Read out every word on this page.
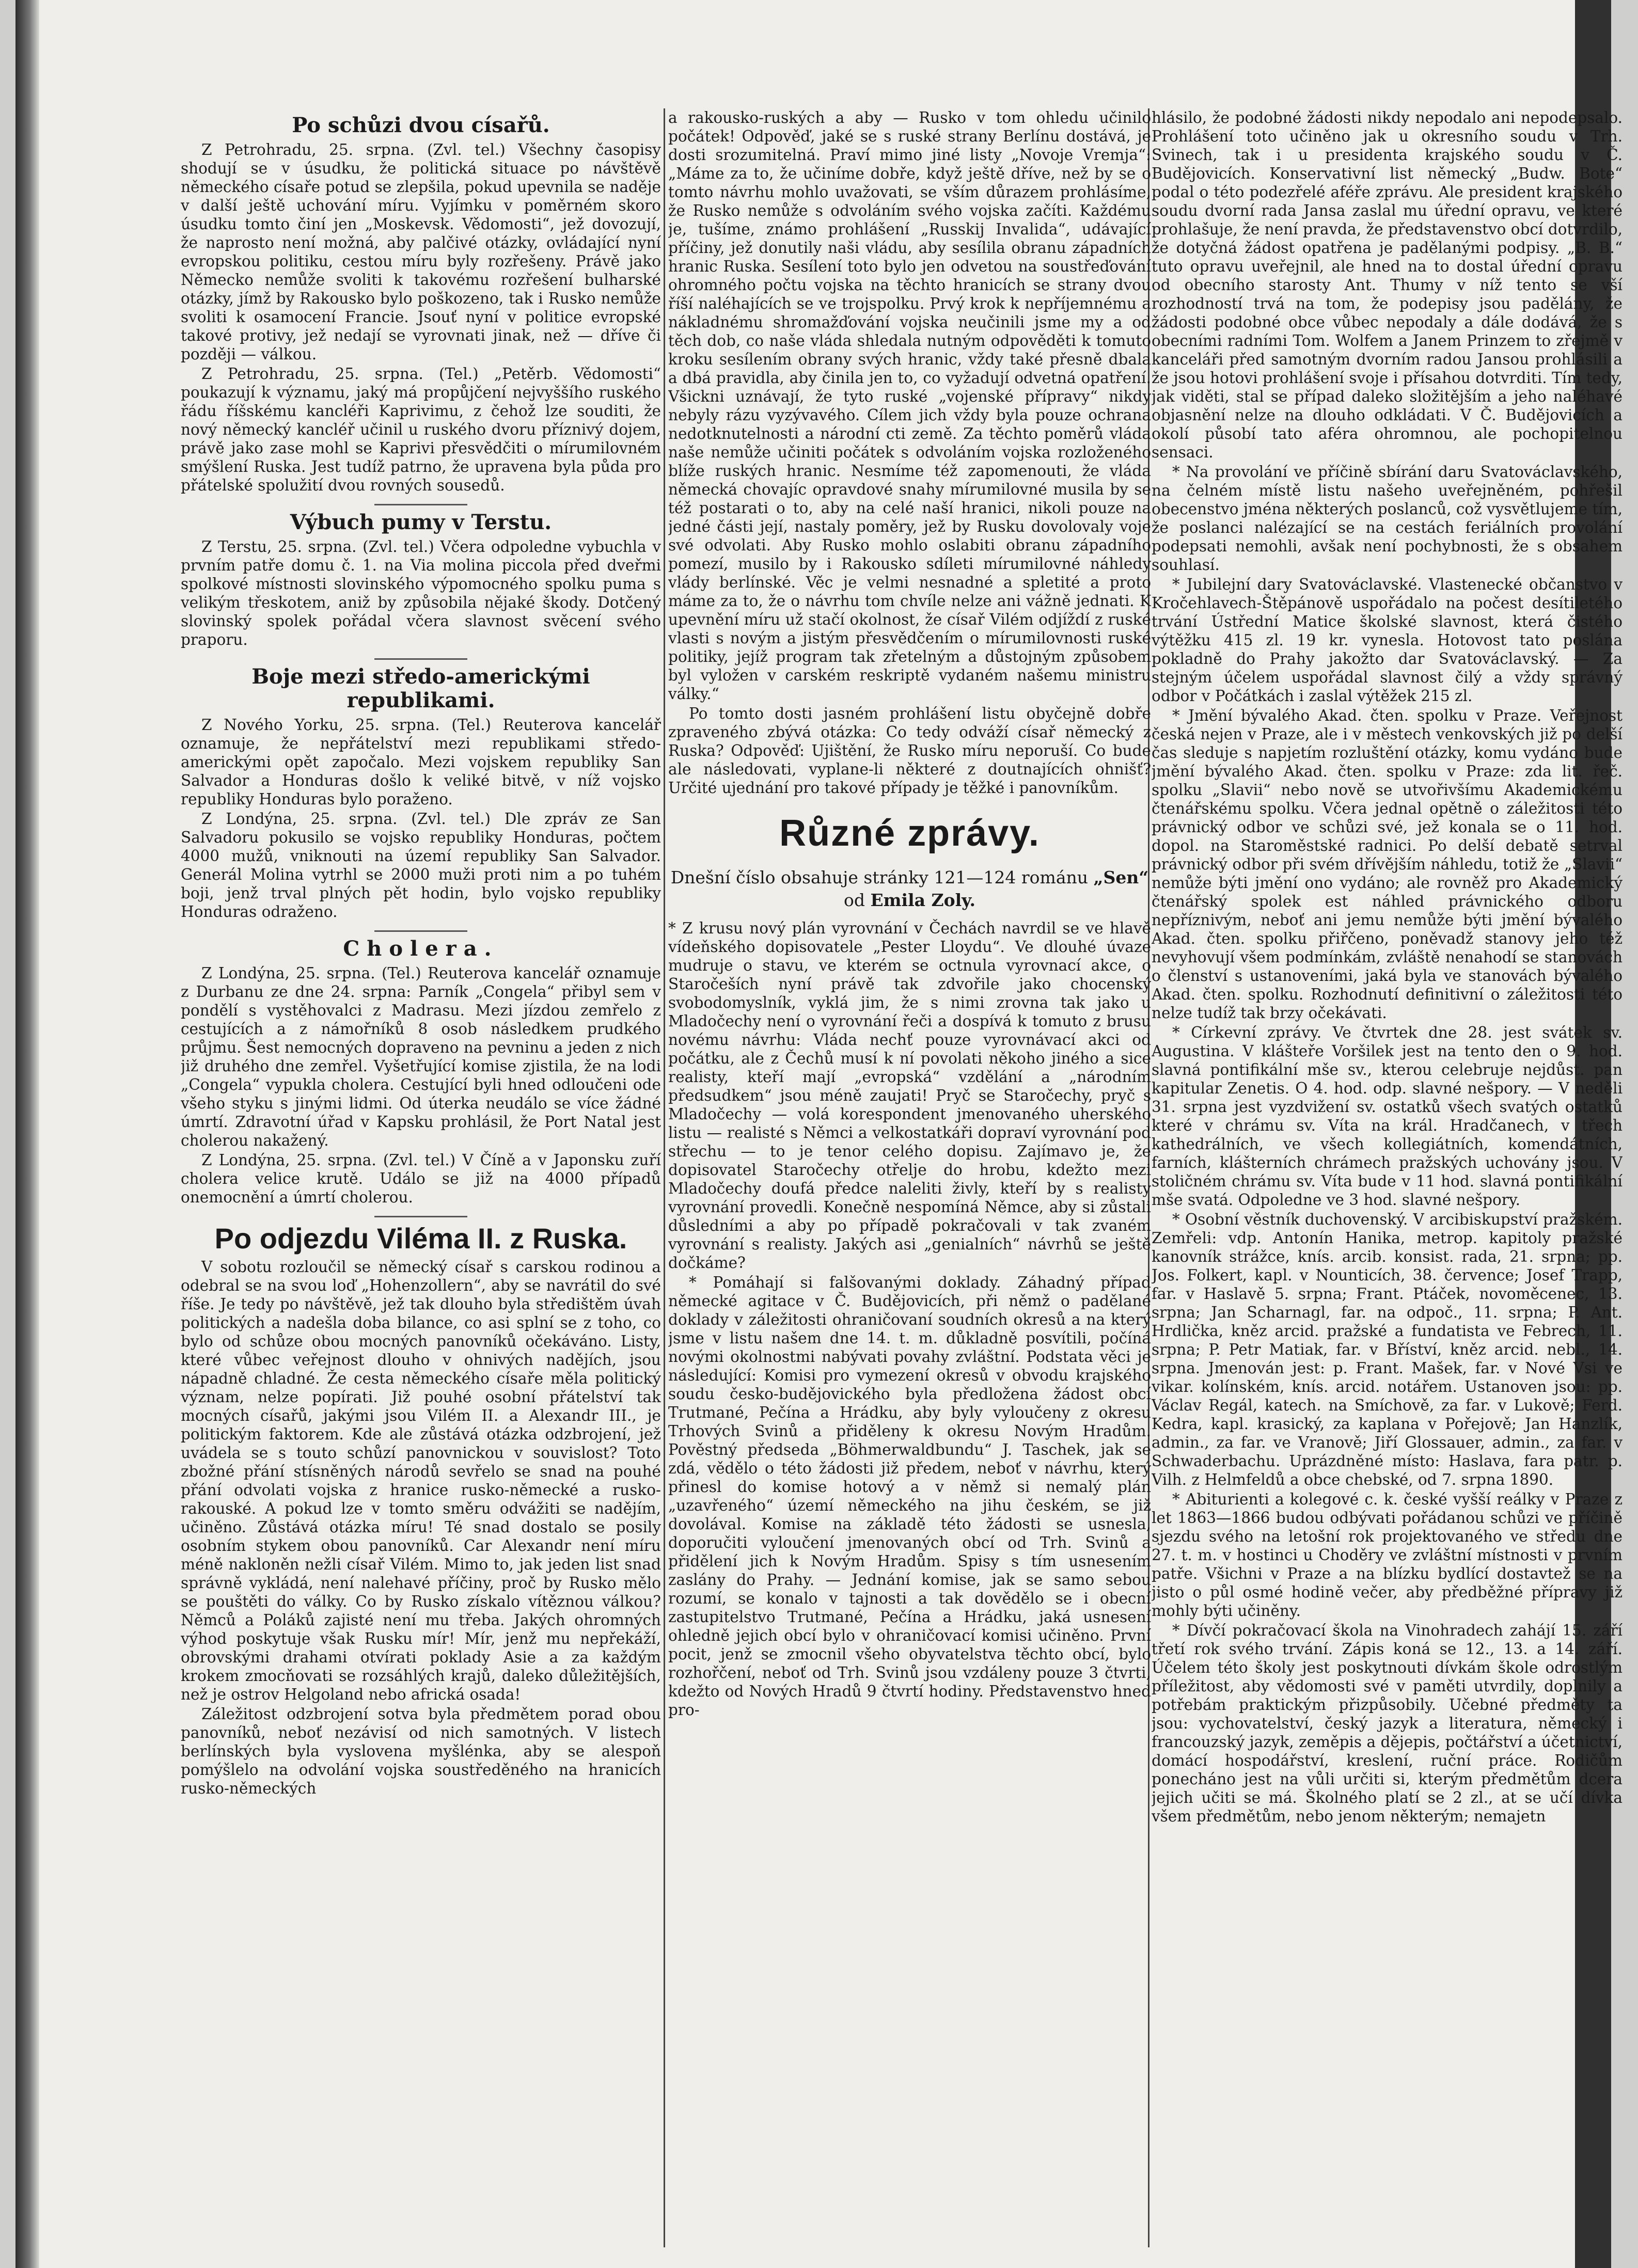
Po schůzi dvou císařů.

Z Petrohradu, 25. srpna. (Zvl. tel.) Všechny časopisy shodují se v úsudku, že politická situace po návštěvě německého císaře potud se zlepšila, pokud upevnila se naděje v další ještě uchování míru. Vyjímku v poměrném skoro úsudku tomto činí jen „Moskevsk. Vědomosti“, jež dovozují, že naprosto není možná, aby palčivé otázky, ovládající nyní evropskou politiku, cestou míru byly rozřešeny. Právě jako Německo nemůže svoliti k takovému rozřešení bulharské otázky, jímž by Rakousko bylo poškozeno, tak i Rusko nemůže svoliti k osamocení Francie. Jsouť nyní v politice evropské takové protivy, jež nedají se vyrovnati jinak, než — dříve či později — válkou.

Z Petrohradu, 25. srpna. (Tel.) „Petěrb. Vědomosti“ poukazují k významu, jaký má propůjčení nejvyššího ruského řádu říšskému kancléři Kaprivimu, z čehož lze souditi, že nový německý kancléř učinil u ruského dvoru příznivý dojem, právě jako zase mohl se Kaprivi přesvědčiti o mírumilovném smýšlení Ruska. Jest tudíž patrno, že upravena byla půda pro přátelské spolužití dvou rovných sousedů.

Výbuch pumy v Terstu.

Z Terstu, 25. srpna. (Zvl. tel.) Včera odpoledne vybuchla v prvním patře domu č. 1. na Via molina piccola před dveřmi spolkové místnosti slovinského výpomocného spolku puma s velikým třeskotem, aniž by způsobila nějaké škody. Dotčený slovinský spolek pořádal včera slavnost svěcení svého praporu.

Boje mezi středo-americkými republikami.

Z Nového Yorku, 25. srpna. (Tel.) Reuterova kancelář oznamuje, že nepřátelství mezi republikami středo-americkými opět započalo. Mezi vojskem republiky San Salvador a Honduras došlo k veliké bitvě, v níž vojsko republiky Honduras bylo poraženo.

Z Londýna, 25. srpna. (Zvl. tel.) Dle zpráv ze San Salvadoru pokusilo se vojsko republiky Honduras, počtem 4000 mužů, vniknouti na území republiky San Salvador. Generál Molina vytrhl se 2000 muži proti nim a po tuhém boji, jenž trval plných pět hodin, bylo vojsko republiky Honduras odraženo.

Cholera.

Z Londýna, 25. srpna. (Tel.) Reuterova kancelář oznamuje z Durbanu ze dne 24. srpna: Parník „Congela“ přibyl sem v pondělí s vystěhovalci z Madrasu. Mezi jízdou zemřelo z cestujících a z námořníků 8 osob následkem prudkého průjmu. Šest nemocných dopraveno na pevninu a jeden z nich již druhého dne zemřel. Vyšetřující komise zjistila, že na lodi „Congela“ vypukla cholera. Cestující byli hned odloučeni ode všeho styku s jinými lidmi. Od úterka neudálo se více žádné úmrtí. Zdravotní úřad v Kapsku prohlásil, že Port Natal jest cholerou nakažený.

Z Londýna, 25. srpna. (Zvl. tel.) V Číně a v Japonsku zuří cholera velice krutě. Událo se již na 4000 případů onemocnění a úmrtí cholerou.

Po odjezdu Viléma II. z Ruska.

V sobotu rozloučil se německý císař s carskou rodinou a odebral se na svou loď „Hohenzollern“, aby se navrátil do své říše. Je tedy po návštěvě, jež tak dlouho byla středištěm úvah politických a nadešla doba bilance, co asi splní se z toho, co bylo od schůze obou mocných panovníků očekáváno. Listy, které vůbec veřejnost dlouho v ohnivých nadějích, jsou nápadně chladné. Že cesta německého císaře měla politický význam, nelze popírati. Již pouhé osobní přátelství tak mocných císařů, jakými jsou Vilém II. a Alexandr III., je politickým faktorem. Kde ale zůstává otázka odzbrojení, jež uvádela se s touto schůzí panovnickou v souvislost? Toto zbožné přání stísněných národů sevřelo se snad na pouhé přání odvolati vojska z hranice rusko-německé a rusko-rakouské. A pokud lze v tomto směru odvážiti se nadějím, učiněno. Zůstává otázka míru! Té snad dostalo se posily osobním stykem obou panovníků. Car Alexandr není míru méně nakloněn nežli císař Vilém. Mimo to, jak jeden list snad správně vykládá, není nalehavé příčiny, proč by Rusko mělo se pouštěti do války. Co by Rusko získalo vítěznou válkou? Němců a Poláků zajisté není mu třeba. Jakých ohromných výhod poskytuje však Rusku mír! Mír, jenž mu nepřekáží, obrovskými drahami otvírati poklady Asie a za každým krokem zmocňovati se rozsáhlých krajů, daleko důležitějších, než je ostrov Helgoland nebo africká osada!

Záležitost odzbrojení sotva byla předmětem porad obou panovníků, neboť nezávisí od nich samotných. V listech berlínských byla vyslovena myšlénka, aby se alespoň pomýšlelo na odvolání vojska soustředěného na hranicích rusko-německých

a rakousko-ruských a aby — Rusko v tom ohledu učinilo počátek! Odpověď, jaké se s ruské strany Berlínu dostává, je dosti srozumitelná. Praví mimo jiné listy „Novoje Vremja“: „Máme za to, že učiníme dobře, když ještě dříve, než by se o tomto návrhu mohlo uvažovati, se vším důrazem prohlásíme, že Rusko nemůže s odvoláním svého vojska začíti. Každému je, tušíme, známo prohlášení „Russkij Invalida“, udávající příčiny, jež donutily naši vládu, aby sesílila obranu západních hranic Ruska. Sesílení toto bylo jen odvetou na soustřeďování ohromného počtu vojska na těchto hranicích se strany dvou říší naléhajících se ve trojspolku. Prvý krok k nepříjemnému a nákladnému shromažďování vojska neučinili jsme my a od těch dob, co naše vláda shledala nutným odpověděti k tomuto kroku sesílením obrany svých hranic, vždy také přesně dbala a dbá pravidla, aby činila jen to, co vyžadují odvetná opatření. Všickni uznávají, že tyto ruské „vojenské přípravy“ nikdy nebyly rázu vyzývavého. Cílem jich vždy byla pouze ochrana nedotknutelnosti a národní cti země. Za těchto poměrů vláda naše nemůže učiniti počátek s odvoláním vojska rozloženého blíže ruských hranic. Nesmíme též zapomenouti, že vláda německá chovajíc opravdové snahy mírumilovné musila by se též postarati o to, aby na celé naší hranici, nikoli pouze na jedné části její, nastaly poměry, jež by Rusku dovolovaly voje své odvolati. Aby Rusko mohlo oslabiti obranu západního pomezí, musilo by i Rakousko sdíleti mírumilovné náhledy vlády berlínské. Věc je velmi nesnadné a spletité a proto máme za to, že o návrhu tom chvíle nelze ani vážně jednati. K upevnění míru už stačí okolnost, že císař Vilém odjíždí z ruské vlasti s novým a jistým přesvědčením o mírumilovnosti ruské politiky, jejíž program tak zřetelným a důstojným způsobem byl vyložen v carském reskriptě vydaném našemu ministru války.“

Po tomto dosti jasném prohlášení listu obyčejně dobře zpraveného zbývá otázka: Co tedy odváží císař německý z Ruska? Odpověď: Ujištění, že Rusko míru neporuší. Co bude ale následovati, vyplane-li některé z doutnajících ohnišť? Určité ujednání pro takové případy je těžké i panovníkům.

Různé zprávy.
Dnešní číslo obsahuje stránky 121—124 románu „Sen“ od Emila Zoly.

* Z krusu nový plán vyrovnání v Čechách navrdil se ve hlavě vídeňského dopisovatele „Pester Lloydu“. Ve dlouhé úvaze mudruje o stavu, ve kterém se octnula vyrovnací akce, o Staročeších nyní právě tak zdvořile jako chocenský svobodomyslník, vyklá jim, že s nimi zrovna tak jako u Mladočechy není o vyrovnání řeči a dospívá k tomuto z brusu novému návrhu: Vláda nechť pouze vyrovnávací akci od počátku, ale z Čechů musí k ní povolati někoho jiného a sice realisty, kteří mají „evropská“ vzdělání a „národním předsudkem“ jsou méně zaujati! Pryč se Staročechy, pryč s Mladočechy — volá korespondent jmenovaného uherského listu — realisté s Němci a velkostatkáři dopraví vyrovnání pod střechu — to je tenor celého dopisu. Zajímavo je, že dopisovatel Staročechy otřelje do hrobu, kdežto mezi Mladočechy doufá předce naleliti živly, kteří by s realisty vyrovnání provedli. Konečně nespomíná Němce, aby si zůstali důsledními a aby po případě pokračovali v tak zvaném vyrovnání s realisty. Jakých asi „genialních“ návrhů se ještě dočkáme?

* Pomáhají si falšovanými doklady. Záhadný případ německé agitace v Č. Budějovicích, při němž o padělané doklady v záležitosti ohraničovaní soudních okresů a na který jsme v listu našem dne 14. t. m. důkladně posvítili, počíná novými okolnostmi nabývati povahy zvláštní. Podstata věci je následující: Komisi pro vymezení okresů v obvodu krajského soudu česko-budějovického byla předložena žádost obcí Trutmané, Pečína a Hrádku, aby byly vyloučeny z okresu Trhových Svinů a přiděleny k okresu Novým Hradům. Pověstný předseda „Böhmerwaldbundu“ J. Taschek, jak se zdá, vědělo o této žádosti již předem, neboť v návrhu, který přinesl do komise hotový a v němž si nemalý plán „uzavřeného“ území německého na jihu českém, se již dovolával. Komise na základě této žádosti se usnesla, doporučiti vyloučení jmenovaných obcí od Trh. Svinů a přidělení jich k Novým Hradům. Spisy s tím usnesením zaslány do Prahy. — Jednání komise, jak se samo sebou rozumí, se konalo v tajnosti a tak dovědělo se i obecní zastupitelstvo Trutmané, Pečína a Hrádku, jaká usnesení ohledně jejich obcí bylo v ohraničovací komisi učiněno. První pocit, jenž se zmocnil všeho obyvatelstva těchto obcí, bylo rozhořčení, neboť od Trh. Svinů jsou vzdáleny pouze 3 čtvrti, kdežto od Nových Hradů 9 čtvrtí hodiny. Představenstvo hned pro-

hlásilo, že podobné žádosti nikdy nepodalo ani nepodepsalo. Prohlášení toto učiněno jak u okresního soudu v Trh. Svinech, tak i u presidenta krajského soudu v Č. Budějovicích. Konservativní list německý „Budw. Bote“ podal o této podezřelé aféře zprávu. Ale president krajského soudu dvorní rada Jansa zaslal mu úřední opravu, ve které prohlašuje, že není pravda, že představenstvo obcí dotvrdilo, že dotyčná žádost opatřena je padělanými podpisy. „B. B.“ tuto opravu uveřejnil, ale hned na to dostal úřední opravu od obecního starosty Ant. Thumy v níž tento se vší rozhodností trvá na tom, že podepisy jsou padělány, že žádosti podobné obce vůbec nepodaly a dále dodává, že s obecními radními Tom. Wolfem a Janem Prinzem to zřejmě v kanceláři před samotným dvorním radou Jansou prohlásili a že jsou hotovi prohlášení svoje i přísahou dotvrditi. Tím tedy, jak viděti, stal se případ daleko složitějším a jeho naléhavé objasnění nelze na dlouho odkládati. V Č. Budějovicích a okolí působí tato aféra ohromnou, ale pochopitelnou sensaci.

* Na provolání ve příčině sbírání daru Svatováclavského, na čelném místě listu našeho uveřejněném, pohřešil obecenstvo jména některých poslanců, což vysvětlujeme tím, že poslanci nalézající se na cestách feriálních provolání podepsati nemohli, avšak není pochybnosti, že s obsahem souhlasí.

* Jubilejní dary Svatováclavské. Vlastenecké občanstvo v Kročehlavech-Štěpánově uspořádalo na počest desítiletého trvání Ústřední Matice školské slavnost, která čistého výtěžku 415 zl. 19 kr. vynesla. Hotovost tato poslána pokladně do Prahy jakožto dar Svatováclavský. — Za stejným účelem uspořádal slavnost čilý a vždy správný odbor v Počátkách i zaslal výtěžek 215 zl.

* Jmění bývalého Akad. čten. spolku v Praze. Veřejnost česká nejen v Praze, ale i v městech venkovských již po delší čas sleduje s napjetím rozluštění otázky, komu vydáno bude jmění bývalého Akad. čten. spolku v Praze: zda lit. řeč. spolku „Slavii“ nebo nově se utvořivšímu Akademickému čtenářskému spolku. Včera jednal opětně o záležitosti této právnický odbor ve schůzi své, jež konala se o 11. hod. dopol. na Staroměstské radnici. Po delší debatě setrval právnický odbor při svém dřívějším náhledu, totiž že „Slavii“ nemůže býti jmění ono vydáno; ale rovněž pro Akademický čtenářský spolek est náhled právnického odboru nepříznivým, neboť ani jemu nemůže býti jmění bývalého Akad. čten. spolku přiřčeno, poněvadž stanovy jeho též nevyhovují všem podmínkám, zvláště nenahodí se stanovách o členství s ustanoveními, jaká byla ve stanovách bývalého Akad. čten. spolku. Rozhodnutí definitivní o záležitosti této nelze tudíž tak brzy očekávati.

* Církevní zprávy. Ve čtvrtek dne 28. jest svátek sv. Augustina. V klášteře Voršilek jest na tento den o 9. hod. slavná pontifikální mše sv., kterou celebruje nejdůst. pan kapitular Zenetis. O 4. hod. odp. slavné nešpory. — V neděli 31. srpna jest vyzdvižení sv. ostatků všech svatých ostatků které v chrámu sv. Víta na král. Hradčanech, v třech kathedrálních, ve všech kollegiátních, komendátních, farních, klášterních chrámech pražských uchovány jsou. V stoličném chrámu sv. Víta bude v 11 hod. slavná pontifikální mše svatá. Odpoledne ve 3 hod. slavné nešpory.

* Osobní věstník duchovenský. V arcibiskupství pražském. Zemřeli: vdp. Antonín Hanika, metrop. kapitoly pražské kanovník strážce, knís. arcib. konsist. rada, 21. srpna; pp. Jos. Folkert, kapl. v Nounticích, 38. července; Josef Trapp, far. v Haslavě 5. srpna; Frant. Ptáček, novoměcenec, 13. srpna; Jan Scharnagl, far. na odpoč., 11. srpna; P. Ant. Hrdlička, kněz arcid. pražské a fundatista ve Febrech, 11. srpna; P. Petr Matiak, far. v Bříství, kněz arcid. nebl., 14. srpna. Jmenován jest: p. Frant. Mašek, far. v Nové Vsi ve vikar. kolínském, knís. arcid. notářem. Ustanoven jsou: pp. Václav Regál, katech. na Smíchově, za far. v Lukově; Ferd. Kedra, kapl. krasický, za kaplana v Pořejově; Jan Hanzlík, admin., za far. ve Vranově; Jiří Glossauer, admin., za far. v Schwaderbachu. Uprázdněné místo: Haslava, fara patr. p. Vilh. z Helmfeldů a obce chebské, od 7. srpna 1890.

* Abiturienti a kolegové c. k. české vyšší reálky v Praze z let 1863—1866 budou odbývati pořádanou schůzi ve příčině sjezdu svého na letošní rok projektovaného ve středu dne 27. t. m. v hostinci u Choděry ve zvláštní místnosti v prvním patře. Všichni v Praze a na blízku bydlící dostavtež se na jisto o půl osmé hodině večer, aby předběžné přípravy již mohly býti učiněny.

* Dívčí pokračovací škola na Vinohradech zahájí 15. září třetí rok svého trvání. Zápis koná se 12., 13. a 14. září. Účelem této školy jest poskytnouti dívkám škole odrostlým příležitost, aby vědomosti své v paměti utvrdily, doplnily a potřebám praktickým přizpůsobily. Učebné předměty ta jsou: vychovatelství, český jazyk a literatura, německý i francouzský jazyk, zeměpis a dějepis, počtářství a účetnictví, domácí hospodářství, kreslení, ruční práce. Rodičům ponecháno jest na vůli určiti si, kterým předmětům dcera jejich učiti se má. Školného platí se 2 zl., at se učí dívka všem předmětům, nebo jenom některým; nemajetn
